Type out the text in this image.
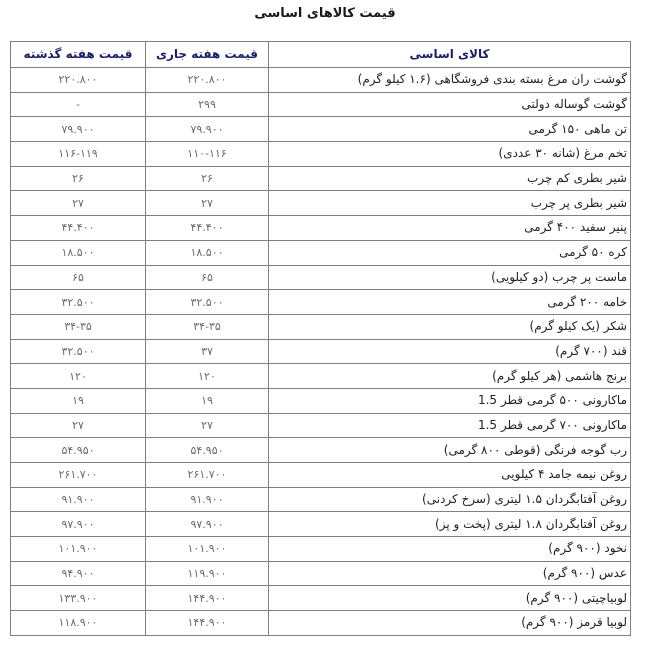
قیمت کالاهای اساسی
کالای اساسی	قیمت هفته جاری	قیمت هفته گذشته
گوشت ران مرغ بسته بندی فروشگاهی (۱.۶ کیلو گرم)	۲۲۰.۸۰۰	۲۲۰.۸۰۰
گوشت گوساله دولتی	۲۹۹	-
تن ماهی ۱۵۰ گرمی	۷۹.۹۰۰	۷۹.۹۰۰
تخم مرغ (شانه ۳۰ عددی)	۱۱۰-۱۱۶	۱۱۶-۱۱۹
شیر بطری کم چرب	۲۶	۲۶
شیر بطری پر چرب	۲۷	۲۷
پنیر سفید ۴۰۰ گرمی	۴۴.۴۰۰	۴۴.۴۰۰
کره ۵۰ گرمی	۱۸.۵۰۰	۱۸.۵۰۰
ماست پر چرب (دو کیلویی)	۶۵	۶۵
خامه ۲۰۰ گرمی	۳۲.۵۰۰	۳۲.۵۰۰
شکر (یک کیلو گرم)	۳۴-۳۵	۳۴-۳۵
قند (۷۰۰ گرم)	۳۷	۳۲.۵۰۰
برنج هاشمی (هر کیلو گرم)	۱۲۰	۱۲۰
ماکارونی ۵۰۰ گرمی قطر 1.5	۱۹	۱۹
ماکارونی ۷۰۰ گرمی قطر 1.5	۲۷	۲۷
رب گوجه فرنگی (قوطی ۸۰۰ گرمی)	۵۴.۹۵۰	۵۴.۹۵۰
روغن نیمه جامد ۴ کیلویی	۲۶۱.۷۰۰	۲۶۱.۷۰۰
روغن آفتابگردان ۱.۵ لیتری (سرخ کردنی)	۹۱.۹۰۰	۹۱.۹۰۰
روغن آفتابگردان ۱.۸ لیتری (پخت و پز)	۹۷.۹۰۰	۹۷.۹۰۰
نخود (۹۰۰ گرم)	۱۰۱.۹۰۰	۱۰۱.۹۰۰
عدس (۹۰۰ گرم)	۱۱۹.۹۰۰	۹۴.۹۰۰
لوبیاچیتی (۹۰۰ گرم)	۱۴۴.۹۰۰	۱۳۳.۹۰۰
لوبیا قرمز (۹۰۰ گرم)	۱۴۴.۹۰۰	۱۱۸.۹۰۰
